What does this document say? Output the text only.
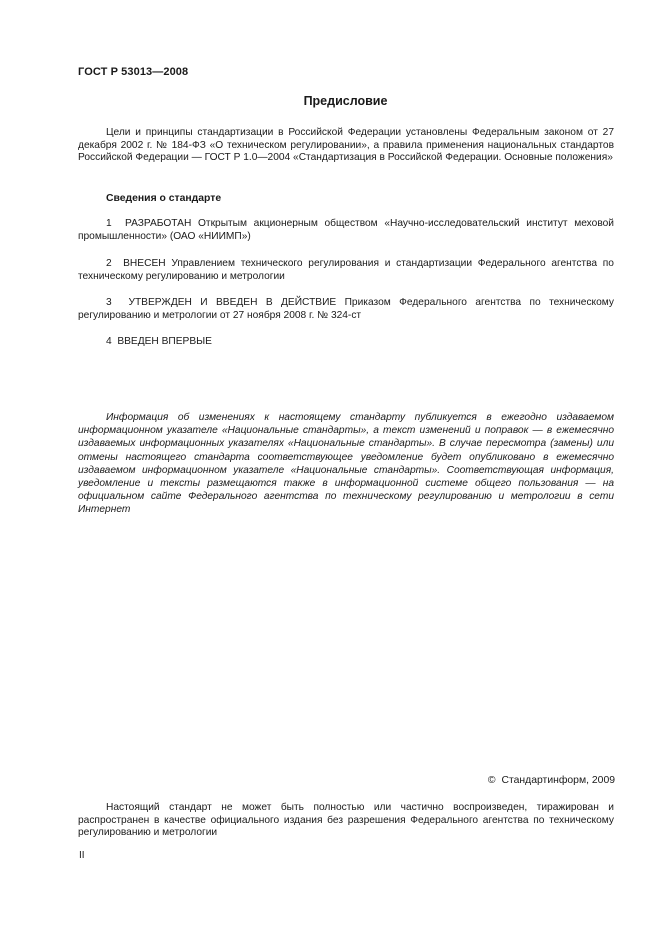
ГОСТ Р 53013—2008
Предисловие
Цели и принципы стандартизации в Российской Федерации установлены Федеральным законом от 27 декабря 2002 г. № 184-ФЗ «О техническом регулировании», а правила применения национальных стандартов Российской Федерации — ГОСТ Р 1.0—2004 «Стандартизация в Российской Федерации. Основные положения»
Сведения о стандарте
1 РАЗРАБОТАН Открытым акционерным обществом «Научно-исследовательский институт меховой промышленности» (ОАО «НИИМП»)
2 ВНЕСЕН Управлением технического регулирования и стандартизации Федерального агентства по техническому регулированию и метрологии
3 УТВЕРЖДЕН И ВВЕДЕН В ДЕЙСТВИЕ Приказом Федерального агентства по техническому регулированию и метрологии от 27 ноября 2008 г. № 324-ст
4 ВВЕДЕН ВПЕРВЫЕ
Информация об изменениях к настоящему стандарту публикуется в ежегодно издаваемом информационном указателе «Национальные стандарты», а текст изменений и поправок — в ежемесячно издаваемых информационных указателях «Национальные стандарты». В случае пересмотра (замены) или отмены настоящего стандарта соответствующее уведомление будет опубликовано в ежемесячно издаваемом информационном указателе «Национальные стандарты». Соответствующая информация, уведомление и тексты размещаются также в информационной системе общего пользования — на официальном сайте Федерального агентства по техническому регулированию и метрологии в сети Интернет
© Стандартинформ, 2009
Настоящий стандарт не может быть полностью или частично воспроизведен, тиражирован и распространен в качестве официального издания без разрешения Федерального агентства по техническому регулированию и метрологии
II
